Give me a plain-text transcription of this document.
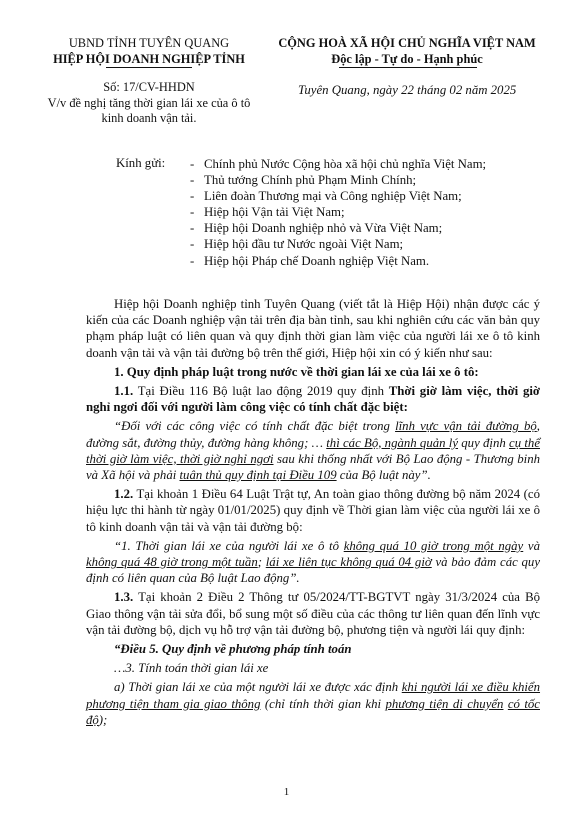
UBND TỈNH TUYÊN QUANG
HIỆP HỘI DOANH NGHIỆP TỈNH
CỘNG HOÀ XÃ HỘI CHỦ NGHĨA VIỆT NAM
Độc lập - Tự do - Hạnh phúc
Số: 17/CV-HHDN
V/v đề nghị tăng thời gian lái xe của ô tô
kinh doanh vận tải.
Tuyên Quang, ngày 22 tháng 02 năm 2025
Kính gửi: - Chính phủ Nước Cộng hòa xã hội chủ nghĩa Việt Nam;
- Thủ tướng Chính phủ Phạm Minh Chính;
- Liên đoàn Thương mại và Công nghiệp Việt Nam;
- Hiệp hội Vận tải Việt Nam;
- Hiệp hội Doanh nghiệp nhỏ và Vừa Việt Nam;
- Hiệp hội đầu tư Nước ngoài Việt Nam;
- Hiệp hội Pháp chế Doanh nghiệp Việt Nam.

Hiệp hội Doanh nghiệp tỉnh Tuyên Quang (viết tắt là Hiệp Hội) nhận được các ý kiến của các Doanh nghiệp vận tải trên địa bàn tỉnh, sau khi nghiên cứu các văn bản quy phạm pháp luật có liên quan và quy định thời gian làm việc của người lái xe ô tô kinh doanh vận tải và vận tải đường bộ trên thế giới, Hiệp hội xin có ý kiến như sau:

1. Quy định pháp luật trong nước về thời gian lái xe của lái xe ô tô:

1.1. Tại Điều 116 Bộ luật lao động 2019 quy định Thời giờ làm việc, thời giờ nghỉ ngơi đối với người làm công việc có tính chất đặc biệt:

“Đối với các công việc có tính chất đặc biệt trong lĩnh vực vận tải đường bộ, đường sắt, đường thủy, đường hàng không; … thì các Bộ, ngành quản lý quy định cụ thể thời giờ làm việc, thời giờ nghỉ ngơi sau khi thống nhất với Bộ Lao động - Thương binh và Xã hội và phải tuân thủ quy định tại Điều 109 của Bộ luật này”.

1.2. Tại khoản 1 Điều 64 Luật Trật tự, An toàn giao thông đường bộ năm 2024 (có hiệu lực thi hành từ ngày 01/01/2025) quy định về Thời gian làm việc của người lái xe ô tô kinh doanh vận tải và vận tải đường bộ:

“1. Thời gian lái xe của người lái xe ô tô không quá 10 giờ trong một ngày và không quá 48 giờ trong một tuần; lái xe liên tục không quá 04 giờ và bảo đảm các quy định có liên quan của Bộ luật Lao động”.

1.3. Tại khoản 2 Điều 2 Thông tư 05/2024/TT-BGTVT ngày 31/3/2024 của Bộ Giao thông vận tải sửa đổi, bổ sung một số điều của các thông tư liên quan đến lĩnh vực vận tải đường bộ, dịch vụ hỗ trợ vận tải đường bộ, phương tiện và người lái quy định:

“Điều 5. Quy định về phương pháp tính toán

…3. Tính toán thời gian lái xe

a) Thời gian lái xe của một người lái xe được xác định khi người lái xe điều khiển phương tiện tham gia giao thông (chỉ tính thời gian khi phương tiện di chuyển có tốc độ);

1
